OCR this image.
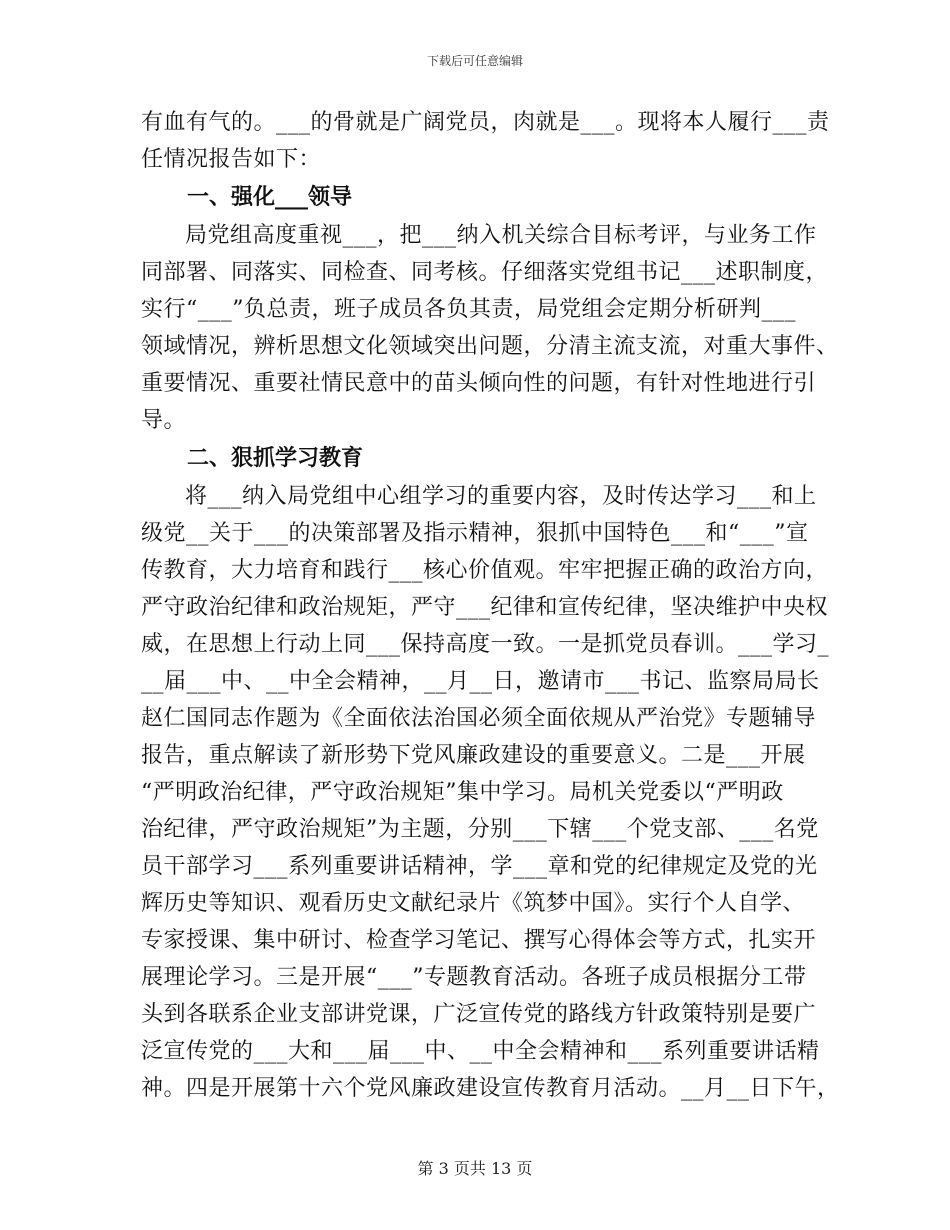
下载后可任意编辑
有血有气的。___的骨就是广阔党员，肉就是___。现将本人履行___责
任情况报告如下：
一、强化___领导
局党组高度重视___，把___纳入机关综合目标考评，与业务工作
同部署、同落实、同检查、同考核。仔细落实党组书记___述职制度，
实行“___”负总责，班子成员各负其责，局党组会定期分析研判___
领域情况，辨析思想文化领域突出问题，分清主流支流，对重大事件、
重要情况、重要社情民意中的苗头倾向性的问题，有针对性地进行引
导。
二、狠抓学习教育
将___纳入局党组中心组学习的重要内容，及时传达学习___和上
级党__关于___的决策部署及指示精神，狠抓中国特色___和“___”宣
传教育，大力培育和践行___核心价值观。牢牢把握正确的政治方向，
严守政治纪律和政治规矩，严守___纪律和宣传纪律，坚决维护中央权
威，在思想上行动上同___保持高度一致。一是抓党员春训。___学习_
__届___中、__中全会精神，__月__日，邀请市___书记、监察局局长
赵仁国同志作题为《全面依法治国必须全面依规从严治党》专题辅导
报告，重点解读了新形势下党风廉政建设的重要意义。二是___开展
“严明政治纪律，严守政治规矩”集中学习。局机关党委以“严明政
治纪律，严守政治规矩”为主题，分别___下辖___个党支部、___名党
员干部学习___系列重要讲话精神，学___章和党的纪律规定及党的光
辉历史等知识、观看历史文献纪录片《筑梦中国》。实行个人自学、
专家授课、集中研讨、检查学习笔记、撰写心得体会等方式，扎实开
展理论学习。三是开展“___”专题教育活动。各班子成员根据分工带
头到各联系企业支部讲党课，广泛宣传党的路线方针政策特别是要广
泛宣传党的___大和___届___中、__中全会精神和___系列重要讲话精
神。四是开展第十六个党风廉政建设宣传教育月活动。__月__日下午，
第 3 页共 13 页
